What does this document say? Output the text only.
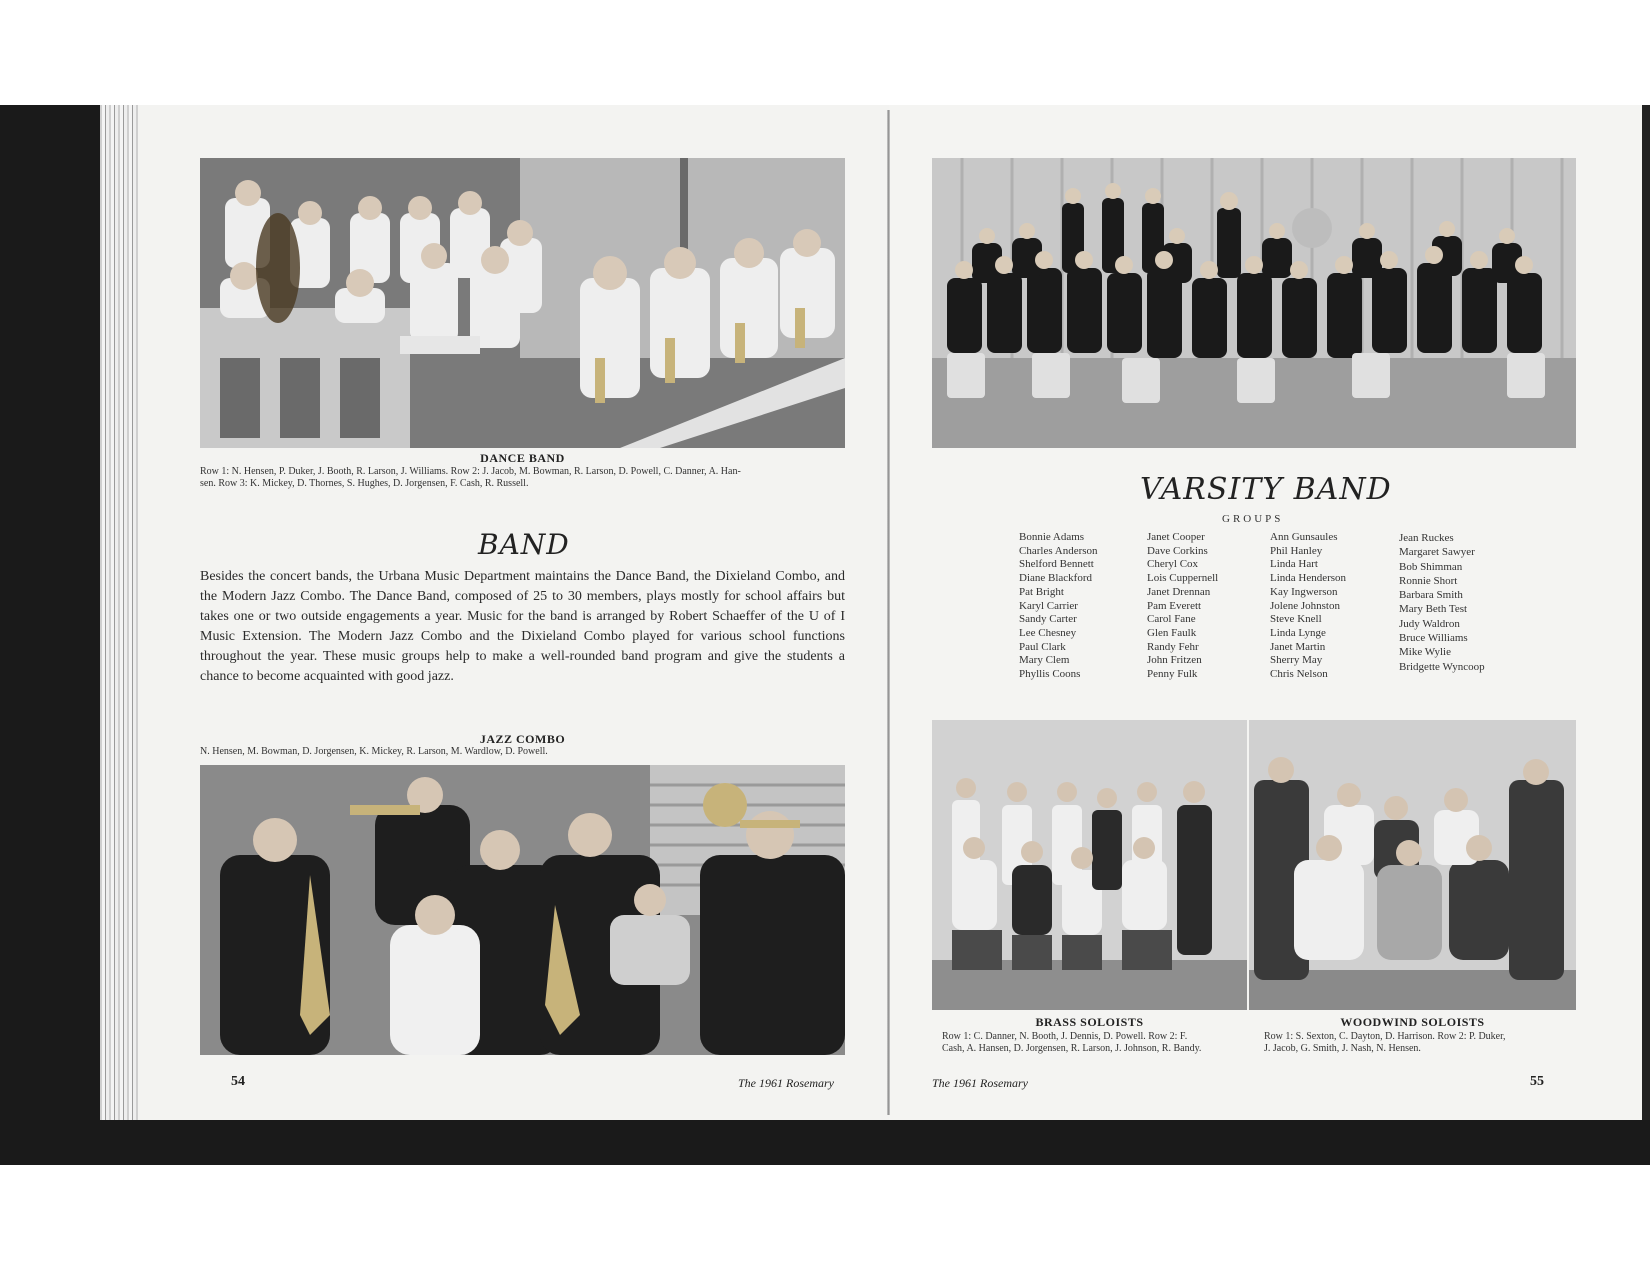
DANCE BAND
Row 1: N. Hensen, P. Duker, J. Booth, R. Larson, J. Williams. Row 2: J. Jacob, M. Bowman, R. Larson, D. Powell, C. Danner, A. Han-
sen. Row 3: K. Mickey, D. Thornes, S. Hughes, D. Jorgensen, F. Cash, R. Russell.
BAND
Besides the concert bands, the Urbana Music Department maintains the Dance Band, the Dixieland Combo, and the Modern Jazz Combo. The Dance Band, composed of 25 to 30 members, plays mostly for school affairs but takes one or two outside engagements a year. Music for the band is arranged by Robert Schaeffer of the U of I Music Extension. The Modern Jazz Combo and the Dixieland Combo played for various school functions throughout the year. These music groups help to make a well-rounded band program and give the students a chance to become acquainted with good jazz.
JAZZ COMBO
N. Hensen, M. Bowman, D. Jorgensen, K. Mickey, R. Larson, M. Wardlow, D. Powell.
54	The 1961 Rosemary
VARSITY BAND
GROUPS
Bonnie Adams
Charles Anderson
Shelford Bennett
Diane Blackford
Pat Bright
Karyl Carrier
Sandy Carter
Lee Chesney
Paul Clark
Mary Clem
Phyllis Coons
Janet Cooper
Dave Corkins
Cheryl Cox
Lois Cuppernell
Janet Drennan
Pam Everett
Carol Fane
Glen Faulk
Randy Fehr
John Fritzen
Penny Fulk
Ann Gunsaules
Phil Hanley
Linda Hart
Linda Henderson
Kay Ingwerson
Jolene Johnston
Steve Knell
Linda Lynge
Janet Martin
Sherry May
Chris Nelson
Jean Ruckes
Margaret Sawyer
Bob Shimman
Ronnie Short
Barbara Smith
Mary Beth Test
Judy Waldron
Bruce Williams
Mike Wylie
Bridgette Wyncoop
BRASS SOLOISTS
Row 1: C. Danner, N. Booth, J. Dennis, D. Powell. Row 2: F.
Cash, A. Hansen, D. Jorgensen, R. Larson, J. Johnson, R. Bandy.
WOODWIND SOLOISTS
Row 1: S. Sexton, C. Dayton, D. Harrison. Row 2: P. Duker,
J. Jacob, G. Smith, J. Nash, N. Hensen.
The 1961 Rosemary	55
